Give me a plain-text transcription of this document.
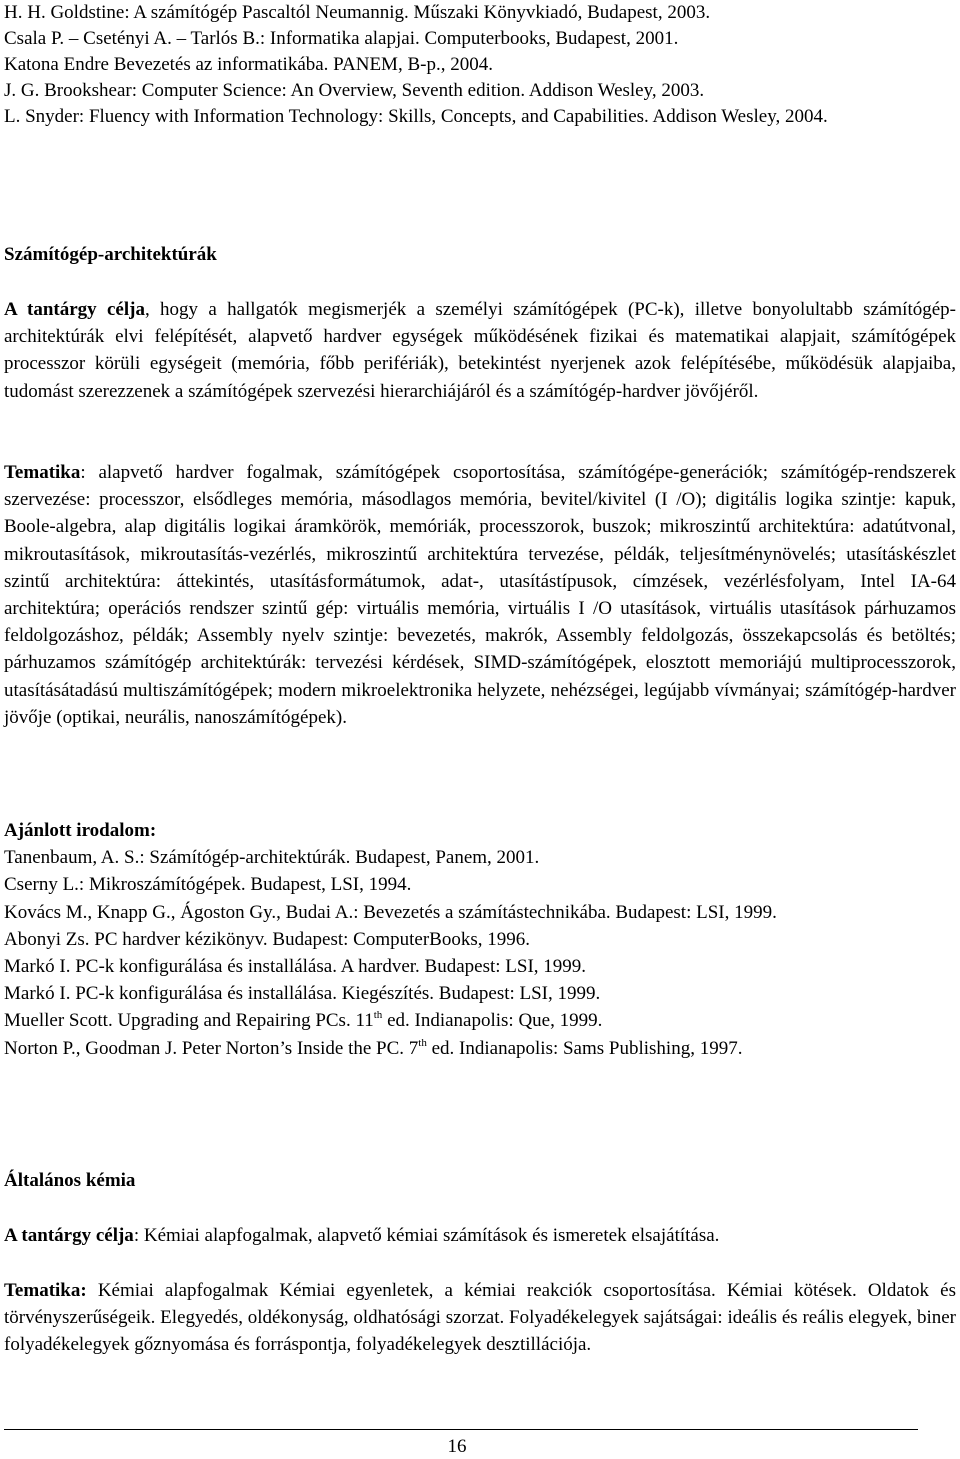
H. H. Goldstine: A számítógép Pascaltól Neumannig. Műszaki Könyvkiadó, Budapest, 2003.

Csala P. – Csetényi A. – Tarlós B.: Informatika alapjai. Computerbooks, Budapest, 2001.

Katona Endre Bevezetés az informatikába. PANEM, B-p., 2004.

J. G. Brookshear: Computer Science: An Overview, Seventh edition. Addison Wesley, 2003.

L. Snyder: Fluency with Information Technology: Skills, Concepts, and Capabilities. Addison Wesley, 2004.

Számítógép-architektúrák

A tantárgy célja, hogy a hallgatók megismerjék a személyi számítógépek (PC-k), illetve bonyolultabb számítógép-architektúrák elvi felépítését, alapvető hardver egységek működésének fizikai és matematikai alapjait, számítógépek processzor körüli egységeit (memória, főbb perifériák), betekintést nyerjenek azok felépítésébe, működésük alapjaiba, tudomást szerezzenek a számítógépek szervezési hierarchiájáról és a számítógép-hardver jövőjéről.

Tematika: alapvető hardver fogalmak, számítógépek csoportosítása, számítógépe-generációk; számítógép-rendszerek szervezése: processzor, elsődleges memória, másodlagos memória, bevitel/kivitel (I /O); digitális logika szintje: kapuk, Boole-algebra, alap digitális logikai áramkörök, memóriák, processzorok, buszok; mikroszintű architektúra: adatútvonal, mikroutasítások, mikroutasítás-vezérlés, mikroszintű architektúra tervezése, példák, teljesítménynövelés; utasításkészlet szintű architektúra: áttekintés, utasításformátumok, adat-, utasítástípusok, címzések, vezérlésfolyam, Intel IA-64 architektúra; operációs rendszer szintű gép: virtuális memória, virtuális I /O utasítások, virtuális utasítások párhuzamos feldolgozáshoz, példák; Assembly nyelv szintje: bevezetés, makrók, Assembly feldolgozás, összekapcsolás és betöltés; párhuzamos számítógép architektúrák: tervezési kérdések, SIMD-számítógépek, elosztott memoriájú multiprocesszorok, utasításátadású multiszámítógépek; modern mikroelektronika helyzete, nehézségei, legújabb vívmányai; számítógép-hardver jövője (optikai, neurális, nanoszámítógépek).

Ajánlott irodalom:

Tanenbaum, A. S.: Számítógép-architektúrák. Budapest, Panem, 2001.

Cserny L.: Mikroszámítógépek. Budapest, LSI, 1994.

Kovács M., Knapp G., Ágoston Gy., Budai A.: Bevezetés a számítástechnikába. Budapest: LSI, 1999.

Abonyi Zs. PC hardver kézikönyv. Budapest: ComputerBooks, 1996.

Markó I. PC-k konfigurálása és installálása. A hardver. Budapest: LSI, 1999.

Markó I. PC-k konfigurálása és installálása. Kiegészítés. Budapest: LSI, 1999.

Mueller Scott. Upgrading and Repairing PCs. 11th ed. Indianapolis: Que, 1999.

Norton P., Goodman J. Peter Norton’s Inside the PC. 7th ed. Indianapolis: Sams Publishing, 1997.

Általános kémia

A tantárgy célja: Kémiai alapfogalmak, alapvető kémiai számítások és ismeretek elsajátítása.

Tematika: Kémiai alapfogalmak Kémiai egyenletek, a kémiai reakciók csoportosítása. Kémiai kötések. Oldatok és törvényszerűségeik. Elegyedés, oldékonyság, oldhatósági szorzat. Folyadékelegyek sajátságai: ideális és reális elegyek, biner folyadékelegyek gőznyomása és forráspontja, folyadékelegyek desztillációja.

16
